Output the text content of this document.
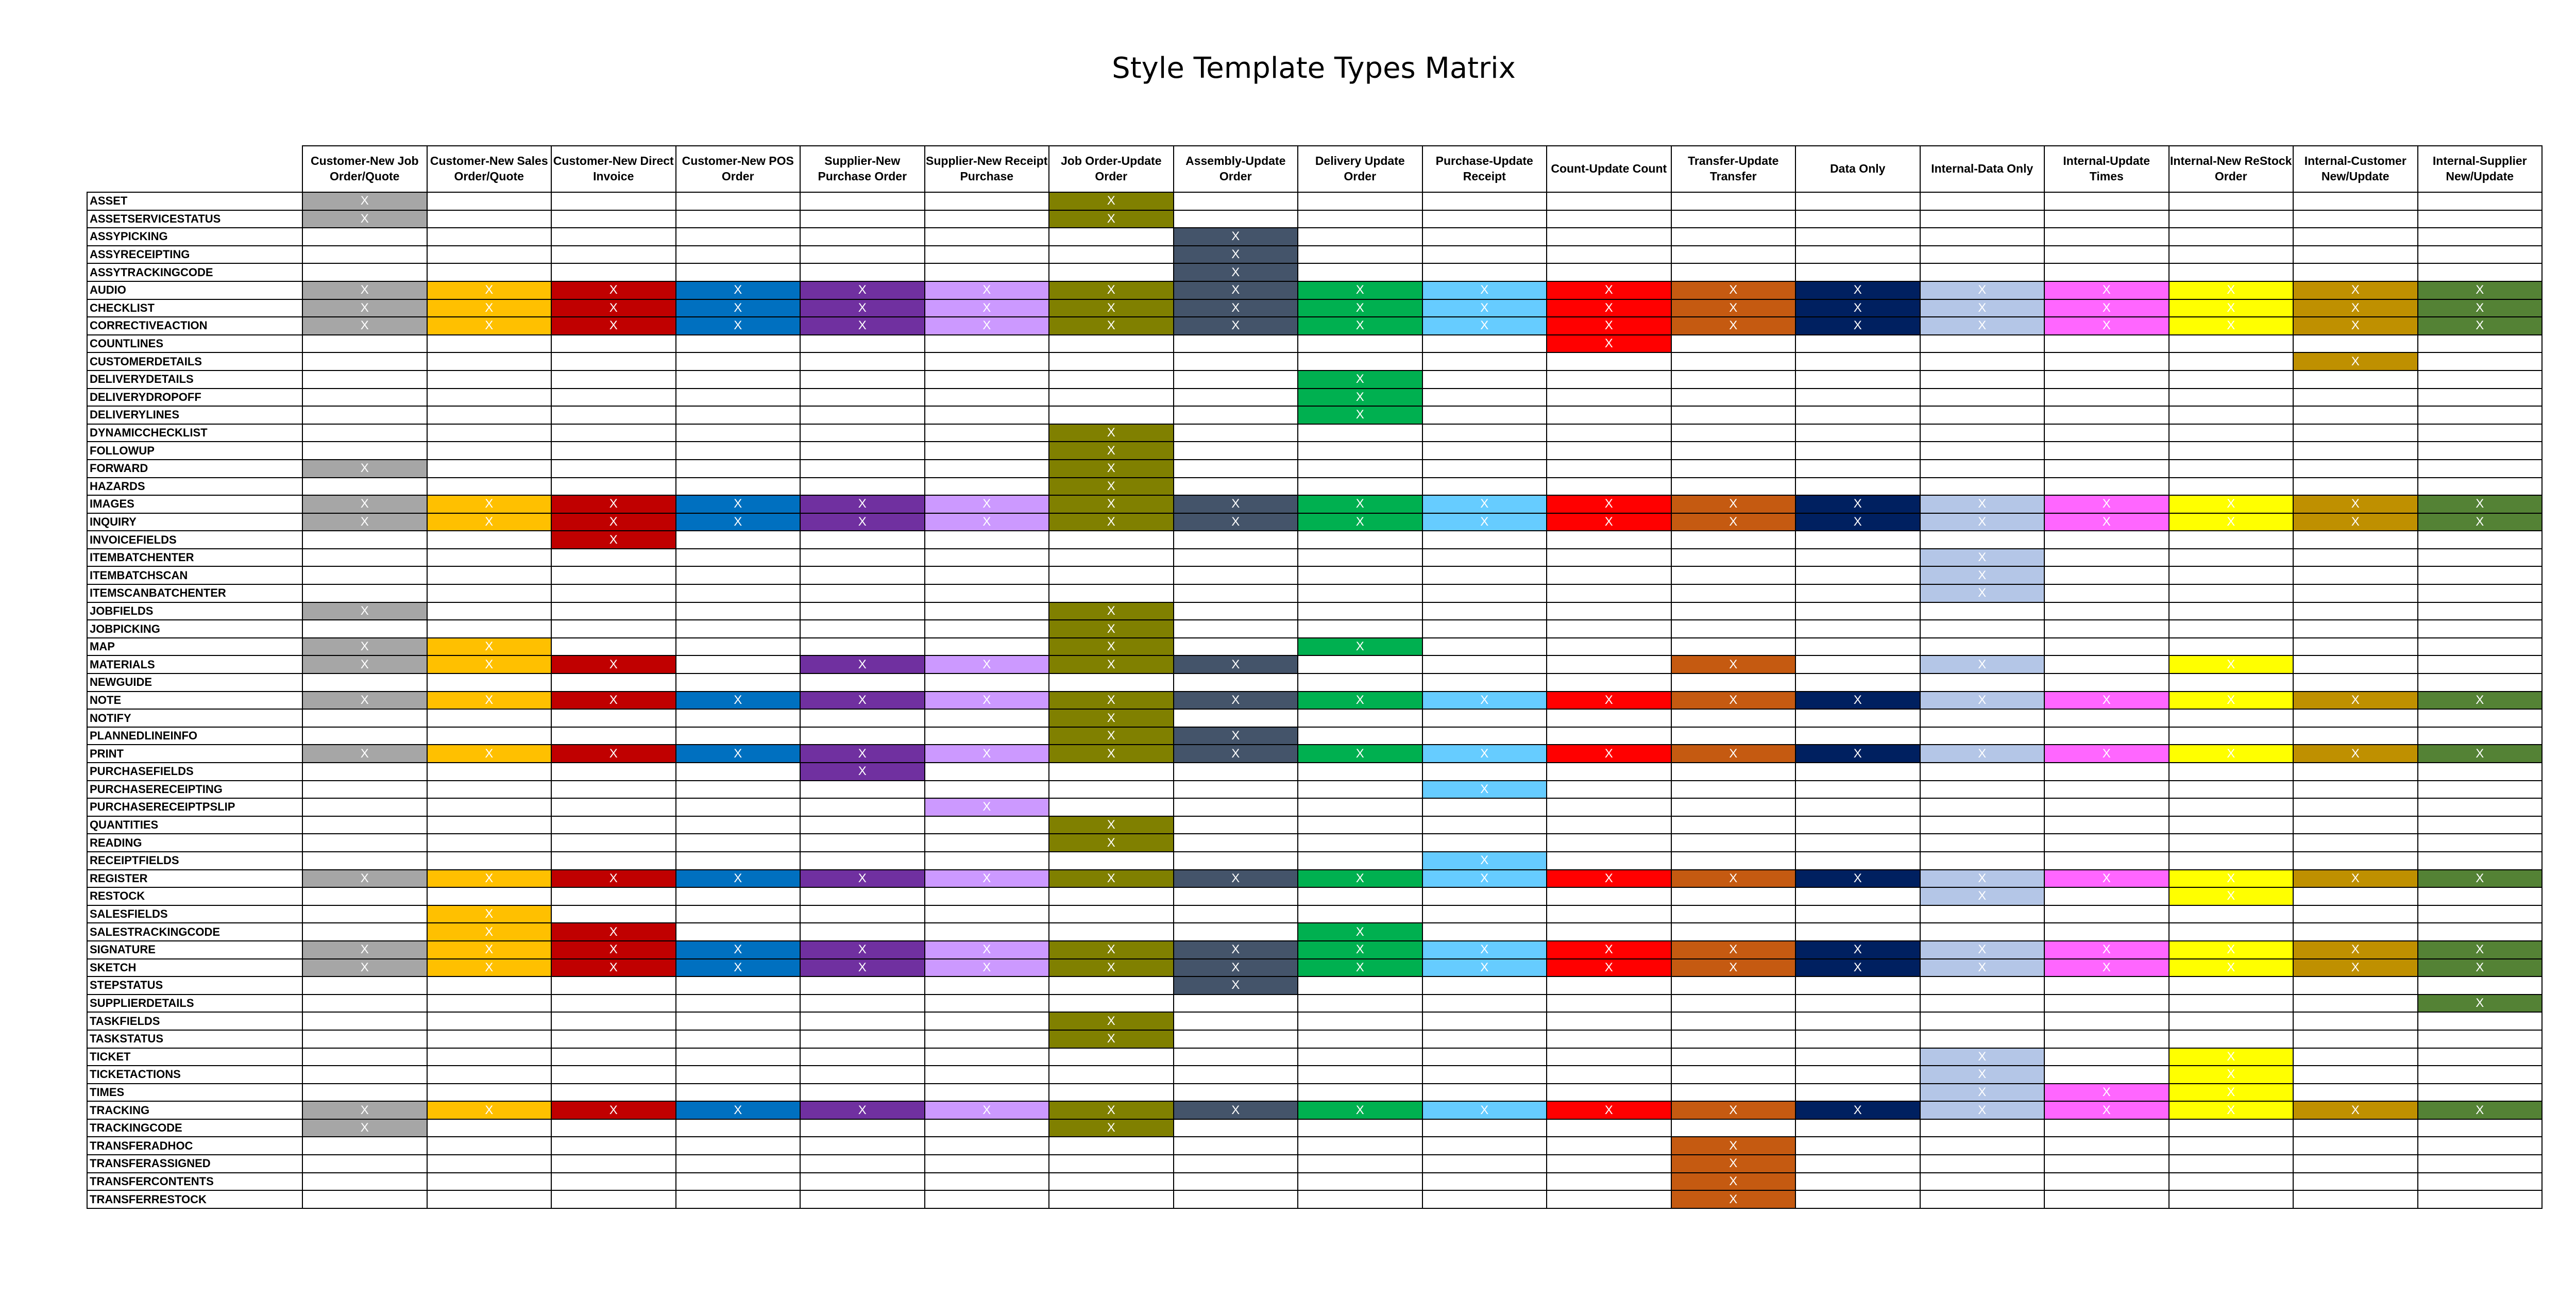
Style Template Types Matrix
	Customer-New Job Order/Quote	Customer-New Sales Order/Quote	Customer-New Direct Invoice	Customer-New POS Order	Supplier-New Purchase Order	Supplier-New Receipt Purchase	Job Order-Update Order	Assembly-Update Order	Delivery Update Order	Purchase-Update Receipt	Count-Update Count	Transfer-Update Transfer	Data Only	Internal-Data Only	Internal-Update Times	Internal-New ReStock Order	Internal-Customer New/Update	Internal-Supplier New/Update
ASSET	X						X											
ASSETSERVICESTATUS	X						X											
ASSYPICKING								X										
ASSYRECEIPTING								X										
ASSYTRACKINGCODE								X										
AUDIO	X	X	X	X	X	X	X	X	X	X	X	X	X	X	X	X	X	X
CHECKLIST	X	X	X	X	X	X	X	X	X	X	X	X	X	X	X	X	X	X
CORRECTIVEACTION	X	X	X	X	X	X	X	X	X	X	X	X	X	X	X	X	X	X
COUNTLINES											X							
CUSTOMERDETAILS																	X	
DELIVERYDETAILS									X									
DELIVERYDROPOFF									X									
DELIVERYLINES									X									
DYNAMICCHECKLIST							X											
FOLLOWUP							X											
FORWARD	X						X											
HAZARDS							X											
IMAGES	X	X	X	X	X	X	X	X	X	X	X	X	X	X	X	X	X	X
INQUIRY	X	X	X	X	X	X	X	X	X	X	X	X	X	X	X	X	X	X
INVOICEFIELDS			X															
ITEMBATCHENTER														X				
ITEMBATCHSCAN														X				
ITEMSCANBATCHENTER														X				
JOBFIELDS	X						X											
JOBPICKING							X											
MAP	X	X					X		X									
MATERIALS	X	X	X		X	X	X	X				X		X		X		
NEWGUIDE																		
NOTE	X	X	X	X	X	X	X	X	X	X	X	X	X	X	X	X	X	X
NOTIFY							X											
PLANNEDLINEINFO							X	X										
PRINT	X	X	X	X	X	X	X	X	X	X	X	X	X	X	X	X	X	X
PURCHASEFIELDS					X													
PURCHASERECEIPTING										X								
PURCHASERECEIPTPSLIP						X												
QUANTITIES							X											
READING							X											
RECEIPTFIELDS										X								
REGISTER	X	X	X	X	X	X	X	X	X	X	X	X	X	X	X	X	X	X
RESTOCK														X		X		
SALESFIELDS		X																
SALESTRACKINGCODE		X	X						X									
SIGNATURE	X	X	X	X	X	X	X	X	X	X	X	X	X	X	X	X	X	X
SKETCH	X	X	X	X	X	X	X	X	X	X	X	X	X	X	X	X	X	X
STEPSTATUS								X										
SUPPLIERDETAILS																		X
TASKFIELDS							X											
TASKSTATUS							X											
TICKET														X		X		
TICKETACTIONS														X		X		
TIMES														X	X	X		
TRACKING	X	X	X	X	X	X	X	X	X	X	X	X	X	X	X	X	X	X
TRACKINGCODE	X						X											
TRANSFERADHOC												X						
TRANSFERASSIGNED												X						
TRANSFERCONTENTS												X						
TRANSFERRESTOCK												X						
